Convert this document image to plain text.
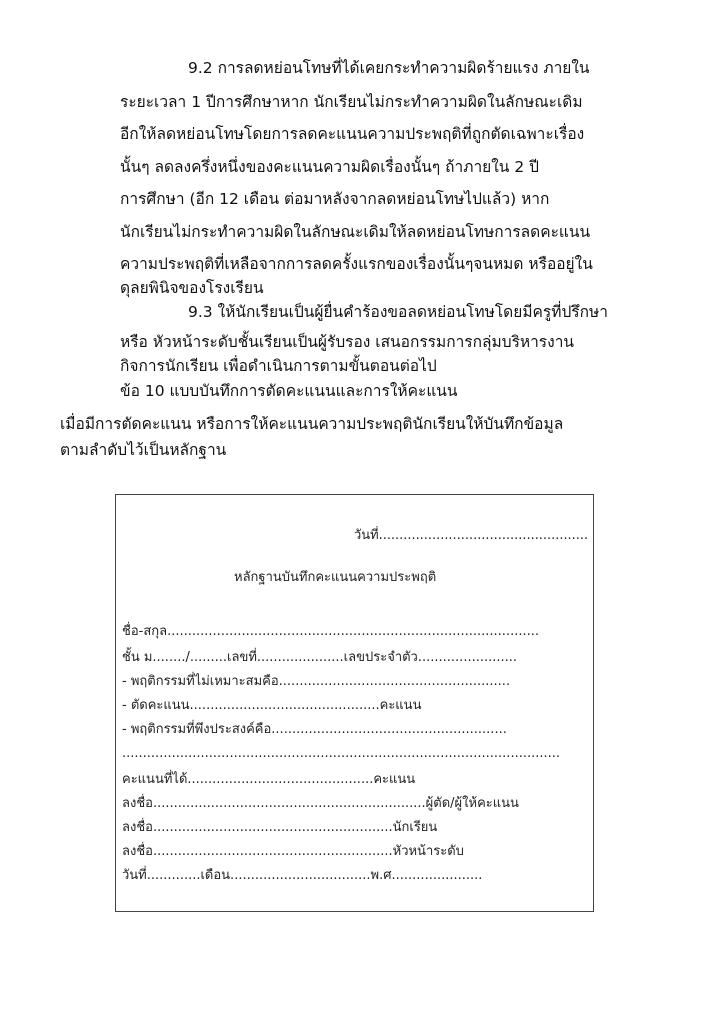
9.2 การลดหย่อนโทษที่ได้เคยกระทำความผิดร้ายแรง ภายใน
ระยะเวลา 1 ปีการศึกษาหาก นักเรียนไม่กระทำความผิดในลักษณะเดิม
อีกให้ลดหย่อนโทษโดยการลดคะแนนความประพฤติที่ถูกตัดเฉพาะเรื่อง
นั้นๆ ลดลงครึ่งหนึ่งของคะแนนความผิดเรื่องนั้นๆ ถ้าภายใน 2 ปี
การศึกษา (อีก 12 เดือน ต่อมาหลังจากลดหย่อนโทษไปแล้ว) หาก
นักเรียนไม่กระทำความผิดในลักษณะเดิมให้ลดหย่อนโทษการลดคะแนน
ความประพฤติที่เหลือจากการลดครั้งแรกของเรื่องนั้นๆจนหมด หรืออยู่ใน
ดุลยพินิจของโรงเรียน
9.3 ให้นักเรียนเป็นผู้ยื่นคำร้องขอลดหย่อนโทษโดยมีครูที่ปรึกษา
หรือ หัวหน้าระดับชั้นเรียนเป็นผู้รับรอง เสนอกรรมการกลุ่มบริหารงาน
กิจการนักเรียน เพื่อดำเนินการตามขั้นตอนต่อไป
ข้อ 10 แบบบันทึกการตัดคะแนนและการให้คะแนน
เมื่อมีการตัดคะแนน หรือการให้คะแนนความประพฤตินักเรียนให้บันทึกข้อมูล
ตามลำดับไว้เป็นหลักฐาน
วันที่...................................................
หลักฐานบันทึกคะแนนความประพฤติ
ชื่อ-สกุล..........................................................................................
ชั้น ม......../.........เลขที่.....................เลขประจำตัว........................
- พฤติกรรมที่ไม่เหมาะสมคือ........................................................
- ตัดคะแนน..............................................คะแนน
- พฤติกรรมที่พึงประสงค์คือ.........................................................
..........................................................................................................
คะแนนที่ได้.............................................คะแนน
ลงชื่อ..................................................................ผู้ตัด/ผู้ให้คะแนน
ลงชื่อ..........................................................นักเรียน
ลงชื่อ..........................................................หัวหน้าระดับ
วันที่.............เดือน..................................พ.ศ......................
